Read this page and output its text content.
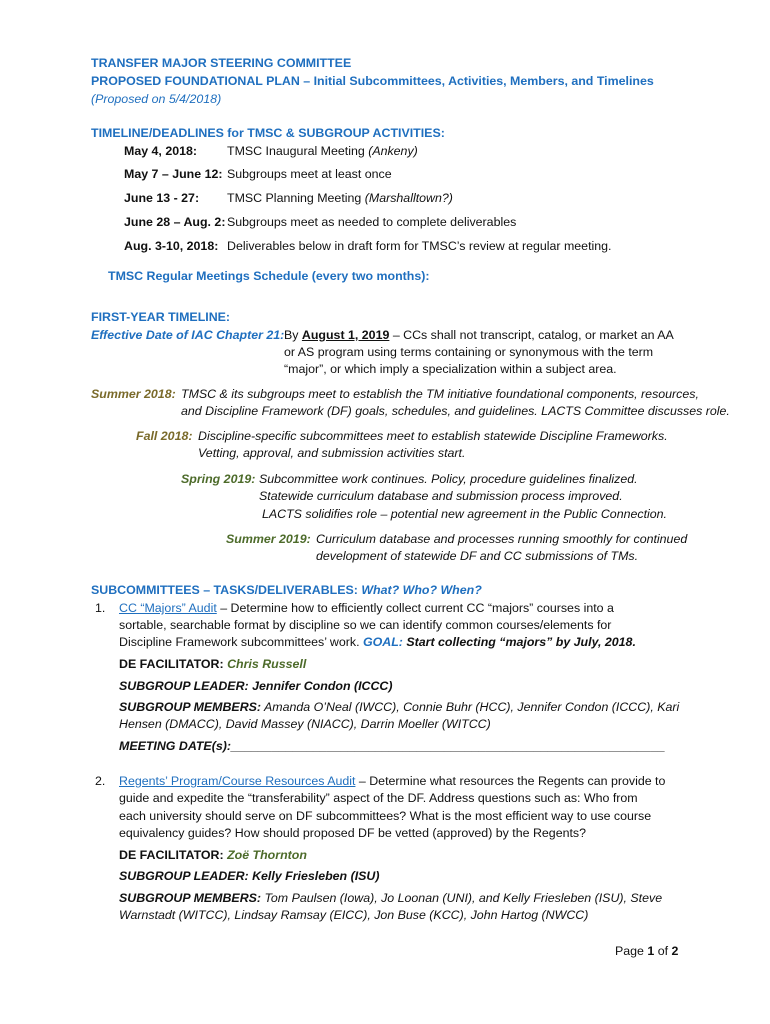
TRANSFER MAJOR STEERING COMMITTEE
PROPOSED FOUNDATIONAL PLAN – Initial Subcommittees, Activities, Members, and Timelines
(Proposed on 5/4/2018)
TIMELINE/DEADLINES for TMSC & SUBGROUP ACTIVITIES:
May 4, 2018: TMSC Inaugural Meeting (Ankeny)
May 7 – June 12: Subgroups meet at least once
June 13 - 27: TMSC Planning Meeting (Marshalltown?)
June 28 – Aug. 2: Subgroups meet as needed to complete deliverables
Aug. 3-10, 2018: Deliverables below in draft form for TMSC’s review at regular meeting.
TMSC Regular Meetings Schedule (every two months):
FIRST-YEAR TIMELINE:
Effective Date of IAC Chapter 21: By August 1, 2019 – CCs shall not transcript, catalog, or market an AA
or AS program using terms containing or synonymous with the term
“major”, or which imply a specialization within a subject area.
Summer 2018: TMSC & its subgroups meet to establish the TM initiative foundational components, resources,
and Discipline Framework (DF) goals, schedules, and guidelines. LACTS Committee discusses role.
Fall 2018: Discipline-specific subcommittees meet to establish statewide Discipline Frameworks.
Vetting, approval, and submission activities start.
Spring 2019: Subcommittee work continues. Policy, procedure guidelines finalized.
Statewide curriculum database and submission process improved.
LACTS solidifies role – potential new agreement in the Public Connection.
Summer 2019: Curriculum database and processes running smoothly for continued
development of statewide DF and CC submissions of TMs.
SUBCOMMITTEES – TASKS/DELIVERABLES: What? Who? When?
1. CC “Majors” Audit – Determine how to efficiently collect current CC “majors” courses into a
sortable, searchable format by discipline so we can identify common courses/elements for
Discipline Framework subcommittees’ work. GOAL: Start collecting “majors” by July, 2018.
DE FACILITATOR: Chris Russell
SUBGROUP LEADER: Jennifer Condon (ICCC)
SUBGROUP MEMBERS: Amanda O’Neal (IWCC), Connie Buhr (HCC), Jennifer Condon (ICCC), Kari
Hensen (DMACC), David Massey (NIACC), Darrin Moeller (WITCC)
MEETING DATE(s):_______________________________________________________________
2. Regents’ Program/Course Resources Audit – Determine what resources the Regents can provide to
guide and expedite the “transferability” aspect of the DF. Address questions such as: Who from
each university should serve on DF subcommittees? What is the most efficient way to use course
equivalency guides? How should proposed DF be vetted (approved) by the Regents?
DE FACILITATOR: Zoë Thornton
SUBGROUP LEADER: Kelly Friesleben (ISU)
SUBGROUP MEMBERS: Tom Paulsen (Iowa), Jo Loonan (UNI), and Kelly Friesleben (ISU), Steve
Warnstadt (WITCC), Lindsay Ramsay (EICC), Jon Buse (KCC), John Hartog (NWCC)
Page 1 of 2
